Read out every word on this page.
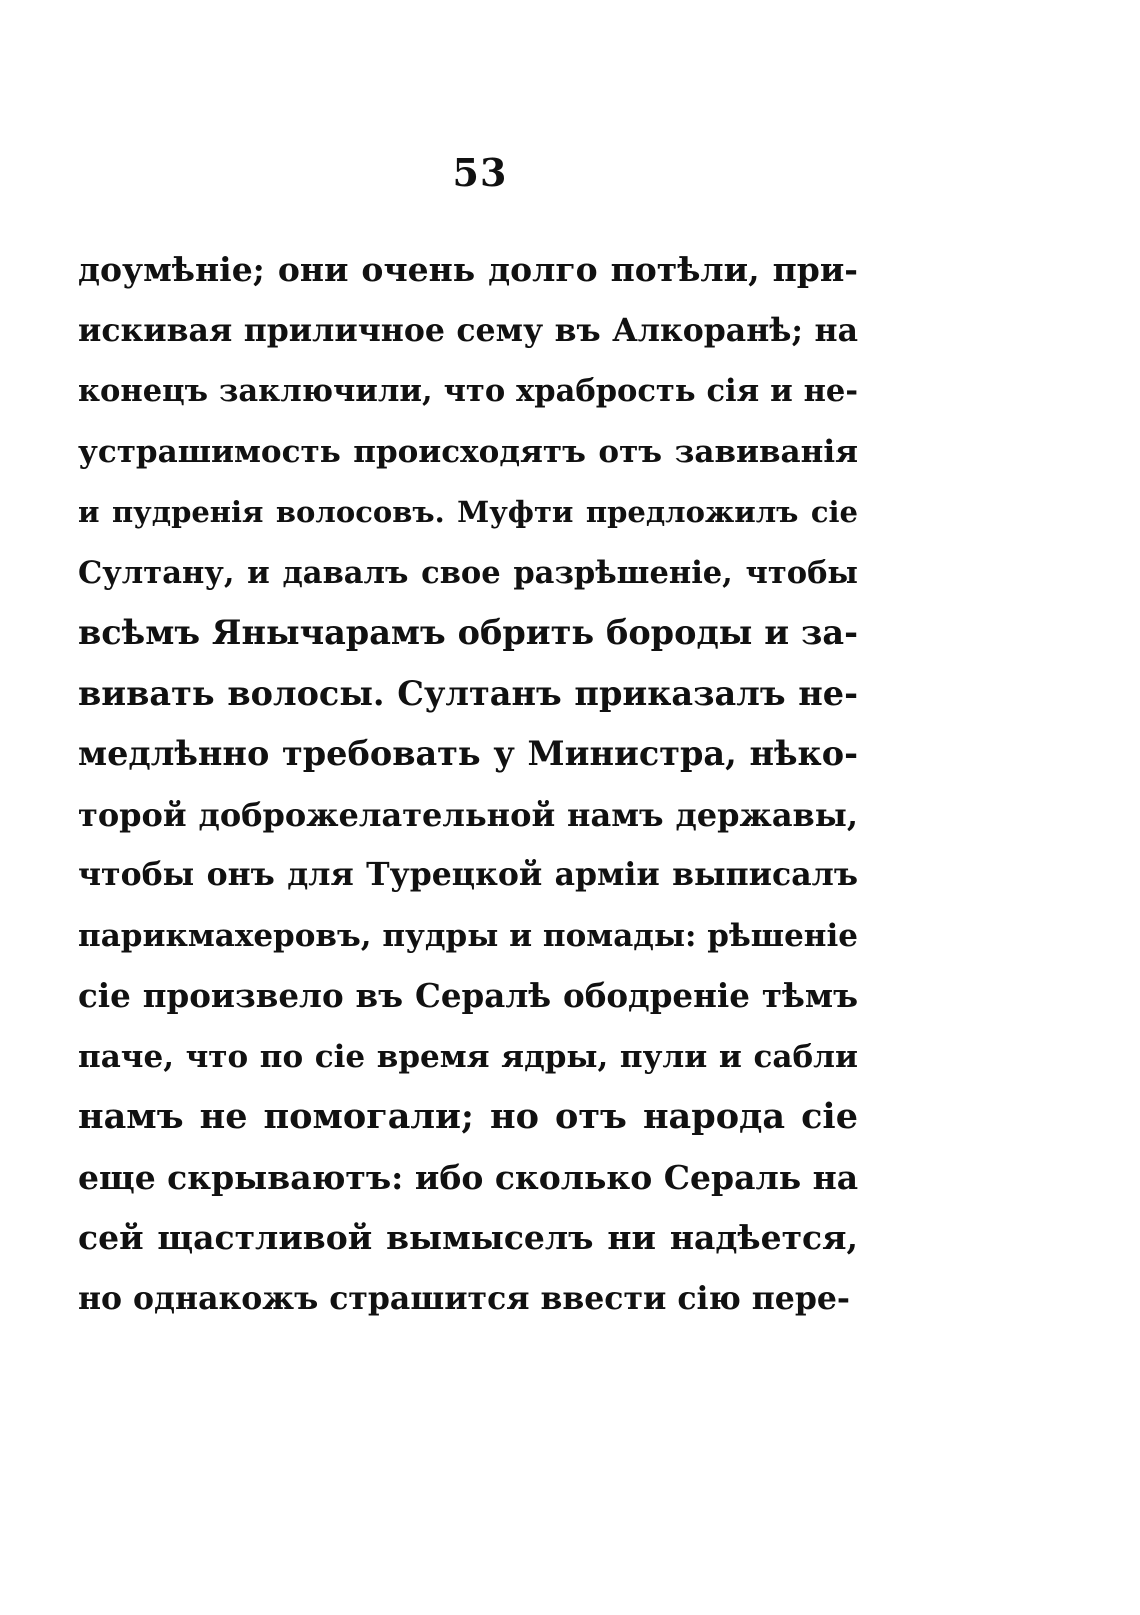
53
доумѣніе; они очень долго потѣли, при-
искивая приличное сему въ Алкоранѣ; на
конецъ заключили, что храбрость сія и не-
устрашимость происходятъ отъ завиванія
и пудренія волосовъ. Муфти предложилъ сіе
Султану, и давалъ свое разрѣшеніе, чтобы
всѣмъ Янычарамъ обрить бороды и за-
вивать волосы. Султанъ приказалъ не-
медлѣнно требовать у Министра, нѣко-
торой доброжелательной намъ державы,
чтобы онъ для Турецкой арміи выписалъ
парикмахеровъ, пудры и помады: рѣшеніе
сіе произвело въ Сералѣ ободреніе тѣмъ
паче, что по сіе время ядры, пули и сабли
намъ не помогали; но отъ народа сіе
еще скрываютъ: ибо сколько Сераль на
сей щастливой вымыселъ ни надѣется,
но однакожъ страшится ввести сію пере-
